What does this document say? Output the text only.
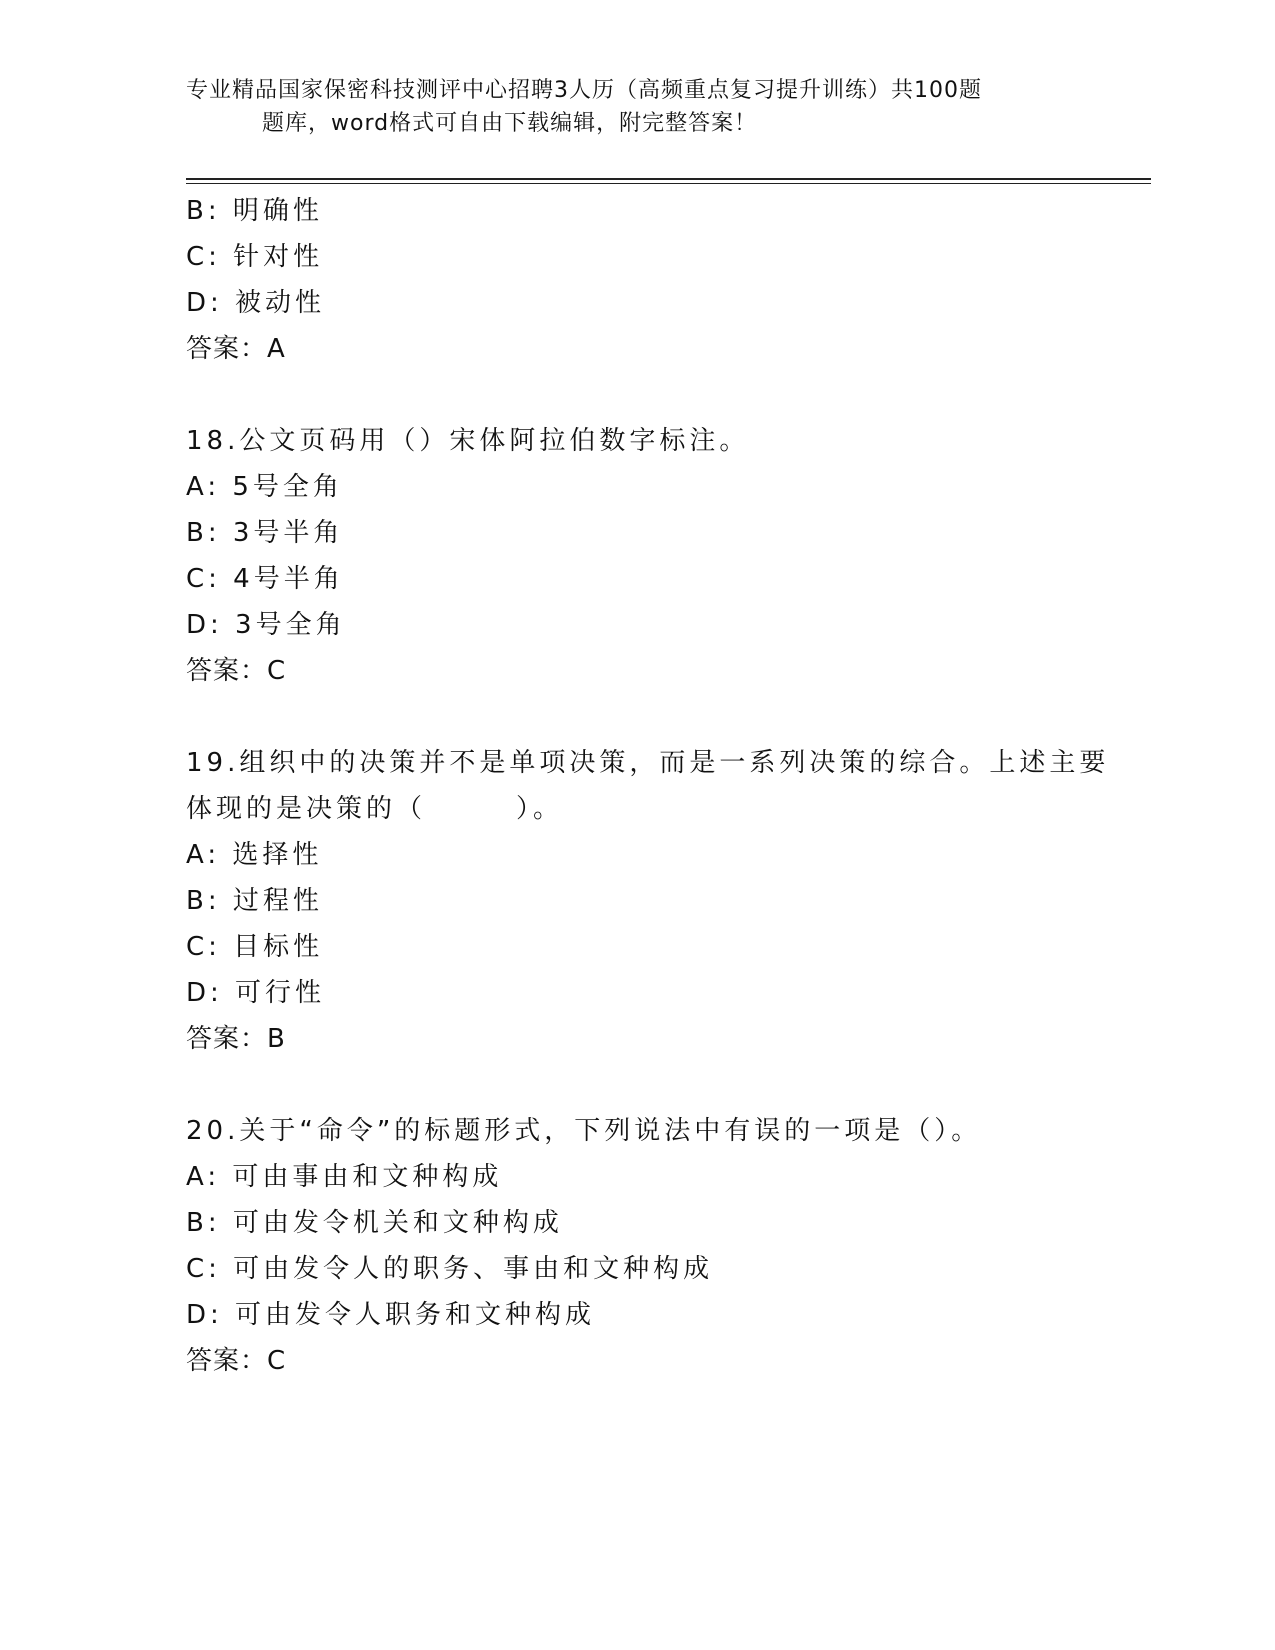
专业精品国家保密科技测评中心招聘3人历（高频重点复习提升训练）共100题
题库，word格式可自由下载编辑，附完整答案！
B: 明确性
C: 针对性
D: 被动性
答案：A
18.公文页码用（）宋体阿拉伯数字标注。
A: 5号全角
B: 3号半角
C: 4号半角
D: 3号全角
答案：C
19.组织中的决策并不是单项决策，而是一系列决策的综合。上述主要
体现的是决策的（　　　）。
A: 选择性
B: 过程性
C: 目标性
D: 可行性
答案：B
20.关于“命令”的标题形式，下列说法中有误的一项是（）。
A: 可由事由和文种构成
B: 可由发令机关和文种构成
C: 可由发令人的职务、事由和文种构成
D: 可由发令人职务和文种构成
答案：C
